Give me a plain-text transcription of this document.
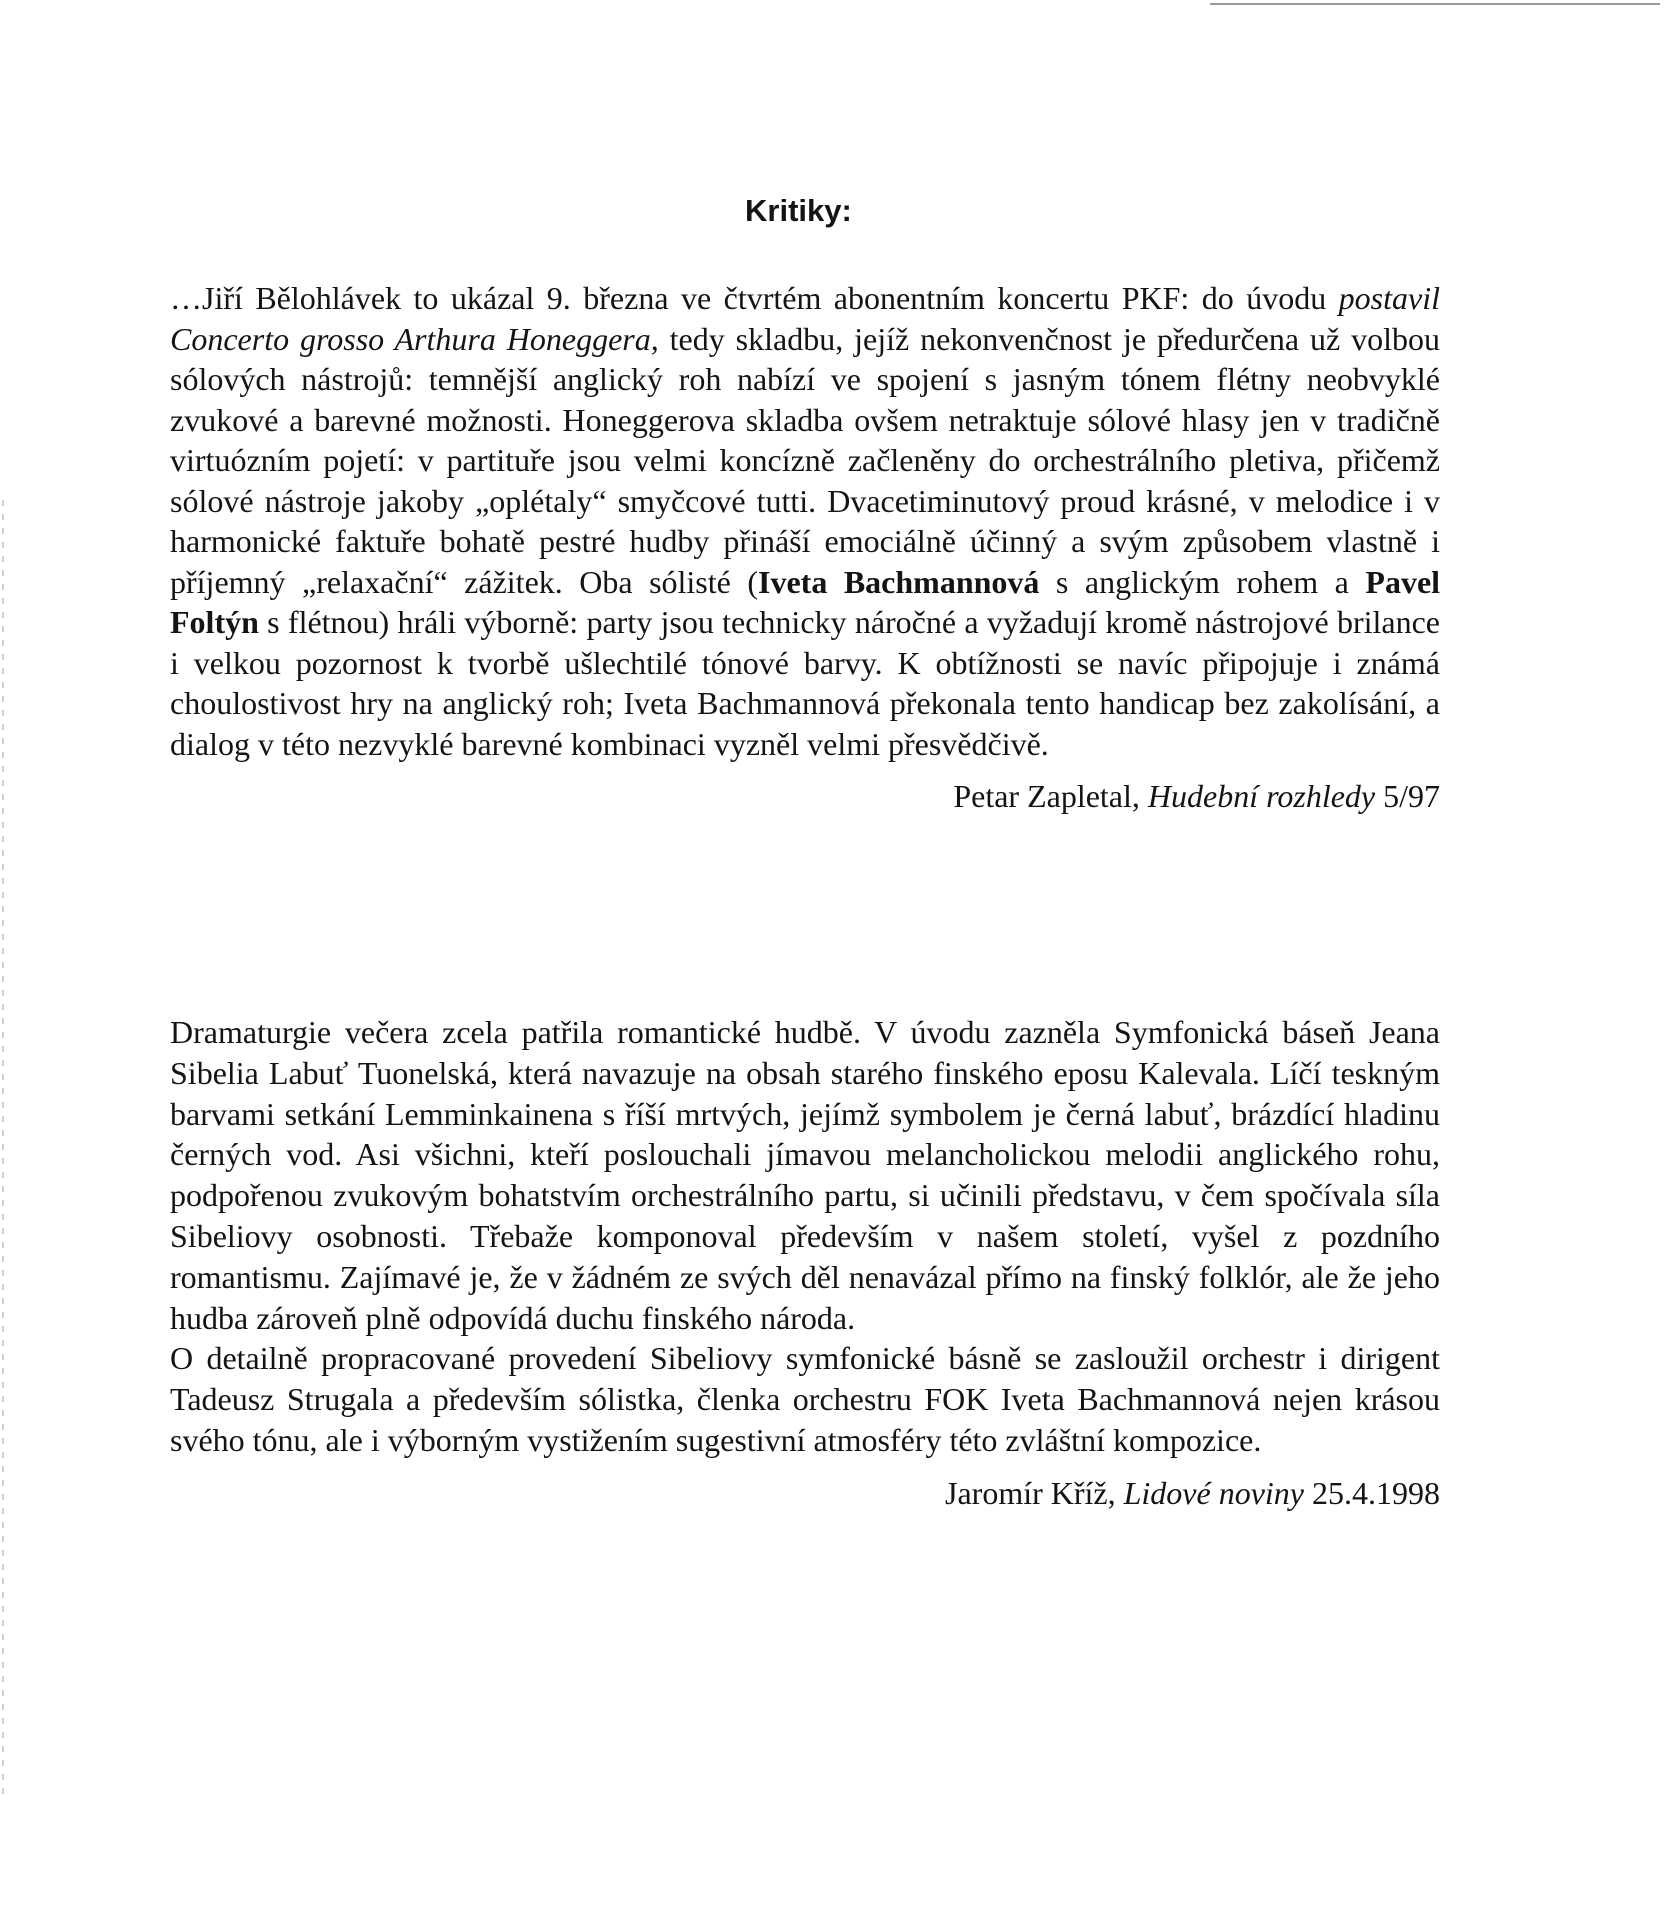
Kritiky:

…Jiří Bělohlávek to ukázal 9. března ve čtvrtém abonentním koncertu PKF: do úvodu postavil Concerto grosso Arthura Honeggera, tedy skladbu, jejíž nekonvenčnost je předurčena už volbou sólových nástrojů: temnější anglický roh nabízí ve spojení s jasným tónem flétny neobvyklé zvukové a barevné možnosti. Honeggerova skladba ovšem netraktuje sólové hlasy jen v tradičně virtuózním pojetí: v partituře jsou velmi koncízně začleněny do orchestrálního pletiva, přičemž sólové nástroje jakoby „oplétaly“ smyčcové tutti. Dvacetiminutový proud krásné, v melodice i v harmonické faktuře bohatě pestré hudby přináší emociálně účinný a svým způsobem vlastně i příjemný „relaxační“ zážitek. Oba sólisté (Iveta Bachmannová s anglickým rohem a Pavel Foltýn s flétnou) hráli výborně: party jsou technicky náročné a vyžadují kromě nástrojové brilance i velkou pozornost k tvorbě ušlechtilé tónové barvy. K obtížnosti se navíc připojuje i známá choulostivost hry na anglický roh; Iveta Bachmannová překonala tento handicap bez zakolísání, a dialog v této nezvyklé barevné kombinaci vyzněl velmi přesvědčivě.

Petar Zapletal, Hudební rozhledy 5/97

Dramaturgie večera zcela patřila romantické hudbě. V úvodu zazněla Symfonická báseň Jeana Sibelia Labuť Tuonelská, která navazuje na obsah starého finského eposu Kalevala. Líčí teskným barvami setkání Lemminkainena s říší mrtvých, jejímž symbolem je černá labuť, brázdící hladinu černých vod. Asi všichni, kteří poslouchali jímavou melancholickou melodii anglického rohu, podpořenou zvukovým bohatstvím orchestrálního partu, si učinili představu, v čem spočívala síla Sibeliovy osobnosti. Třebaže komponoval především v našem století, vyšel z pozdního romantismu. Zajímavé je, že v žádném ze svých děl nenavázal přímo na finský folklór, ale že jeho hudba zároveň plně odpovídá duchu finského národa.

O detailně propracované provedení Sibeliovy symfonické básně se zasloužil orchestr i dirigent Tadeusz Strugala a především sólistka, členka orchestru FOK Iveta Bachmannová nejen krásou svého tónu, ale i výborným vystižením sugestivní atmosféry této zvláštní kompozice.

Jaromír Kříž, Lidové noviny 25.4.1998
